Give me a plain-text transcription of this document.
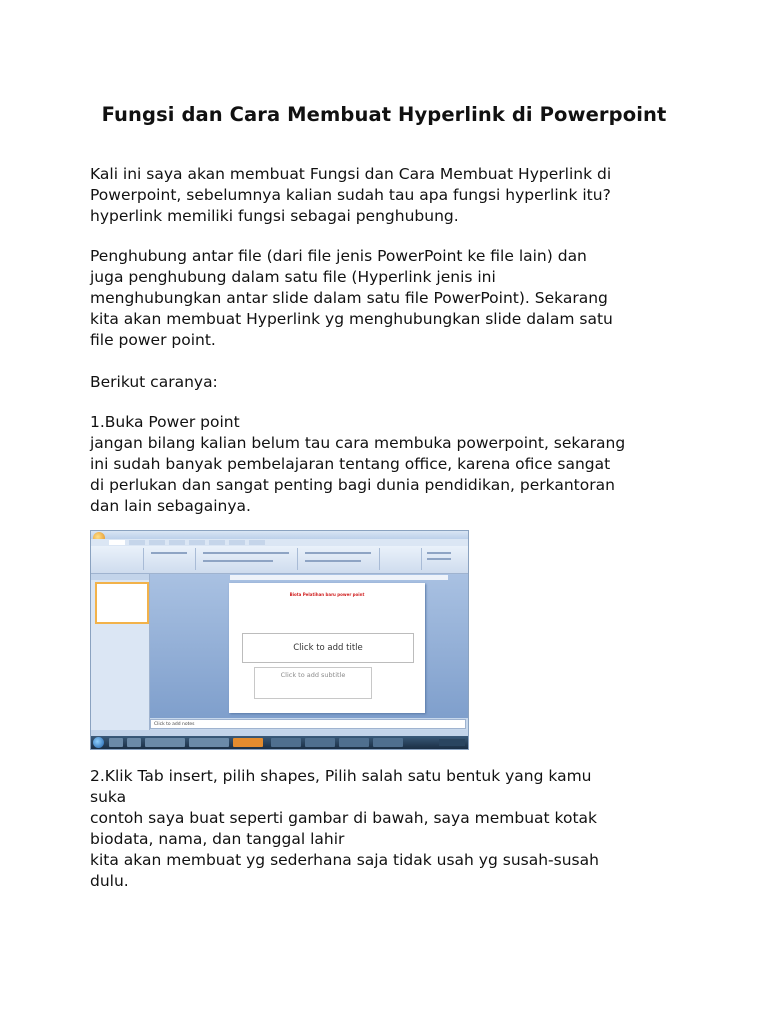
Fungsi dan Cara Membuat Hyperlink di Powerpoint

Kali ini saya akan membuat Fungsi dan Cara Membuat Hyperlink di
Powerpoint, sebelumnya kalian sudah tau apa fungsi hyperlink itu?
hyperlink memiliki fungsi sebagai penghubung.

Penghubung antar file (dari file jenis PowerPoint ke file lain) dan
juga penghubung dalam satu file (Hyperlink jenis ini
menghubungkan antar slide dalam satu file PowerPoint). Sekarang
kita akan membuat Hyperlink yg menghubungkan slide dalam satu
file power point.

Berikut caranya:

1.Buka Power point
jangan bilang kalian belum tau cara membuka powerpoint, sekarang
ini sudah banyak pembelajaran tentang office, karena ofice sangat
di perlukan dan sangat penting bagi dunia pendidikan, perkantoran
dan lain sebagainya.

Biota Pelatihan baru power point
Click to add title
Click to add subtitle
Click to add notes

2.Klik Tab insert, pilih shapes, Pilih salah satu bentuk yang kamu
suka
contoh saya buat seperti gambar di bawah, saya membuat kotak
biodata, nama, dan tanggal lahir
kita akan membuat yg sederhana saja tidak usah yg susah-susah
dulu.
